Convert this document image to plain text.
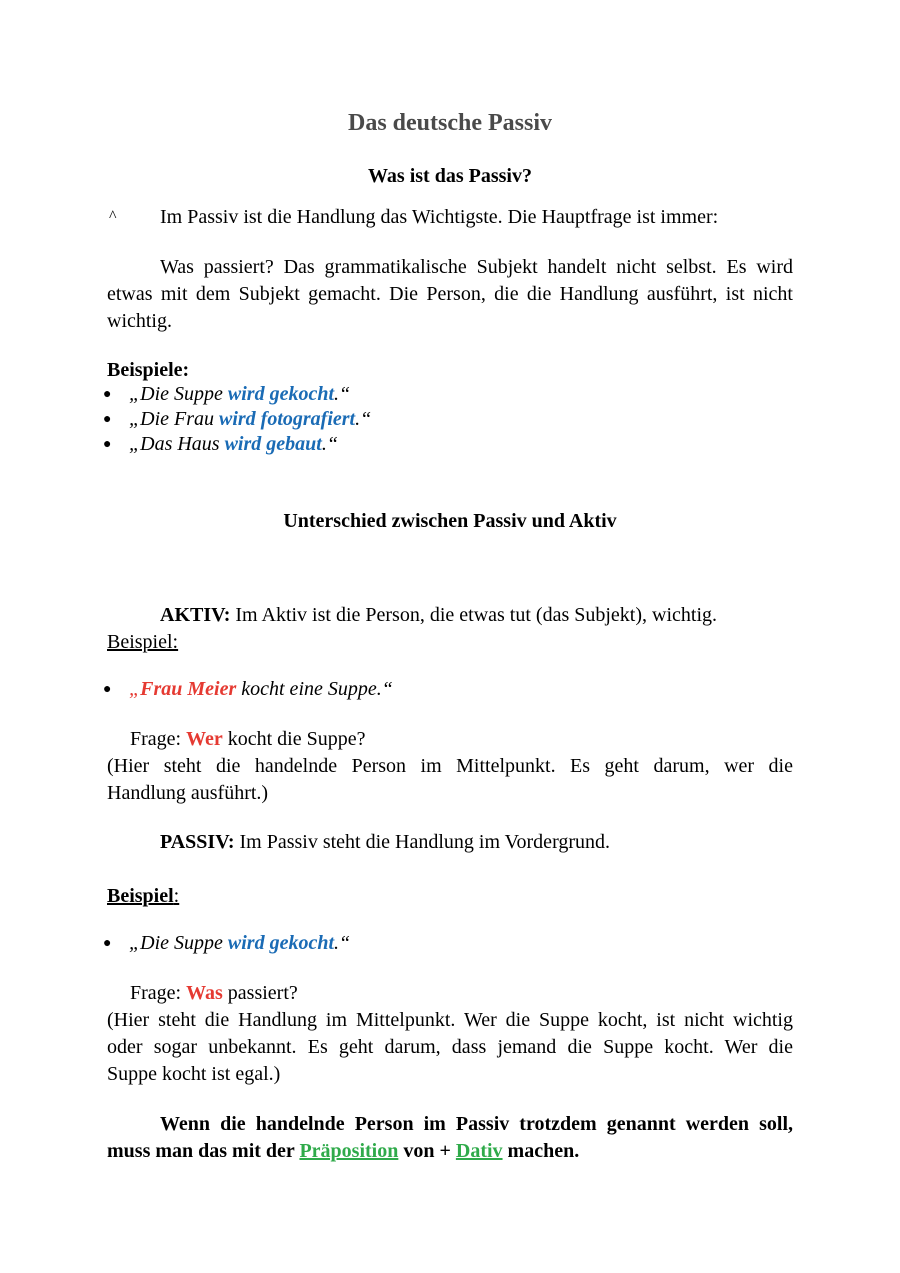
Das deutsche Passiv
Was ist das Passiv?
^ Im Passiv ist die Handlung das Wichtigste. Die Hauptfrage ist immer:
Was passiert? Das grammatikalische Subjekt handelt nicht selbst. Es wird
etwas mit dem Subjekt gemacht. Die Person, die die Handlung ausführt, ist nicht
wichtig.
Beispiele:
● „Die Suppe wird gekocht.“
● „Die Frau wird fotografiert.“
● „Das Haus wird gebaut.“
Unterschied zwischen Passiv und Aktiv
AKTIV: Im Aktiv ist die Person, die etwas tut (das Subjekt), wichtig.
Beispiel:
● „Frau Meier kocht eine Suppe.“
Frage: Wer kocht die Suppe?
(Hier steht die handelnde Person im Mittelpunkt. Es geht darum, wer die
Handlung ausführt.)
PASSIV: Im Passiv steht die Handlung im Vordergrund.
Beispiel:
● „Die Suppe wird gekocht.“
Frage: Was passiert?
(Hier steht die Handlung im Mittelpunkt. Wer die Suppe kocht, ist nicht wichtig
oder sogar unbekannt. Es geht darum, dass jemand die Suppe kocht. Wer die
Suppe kocht ist egal.)
Wenn die handelnde Person im Passiv trotzdem genannt werden soll,
muss man das mit der Präposition von + Dativ machen.
